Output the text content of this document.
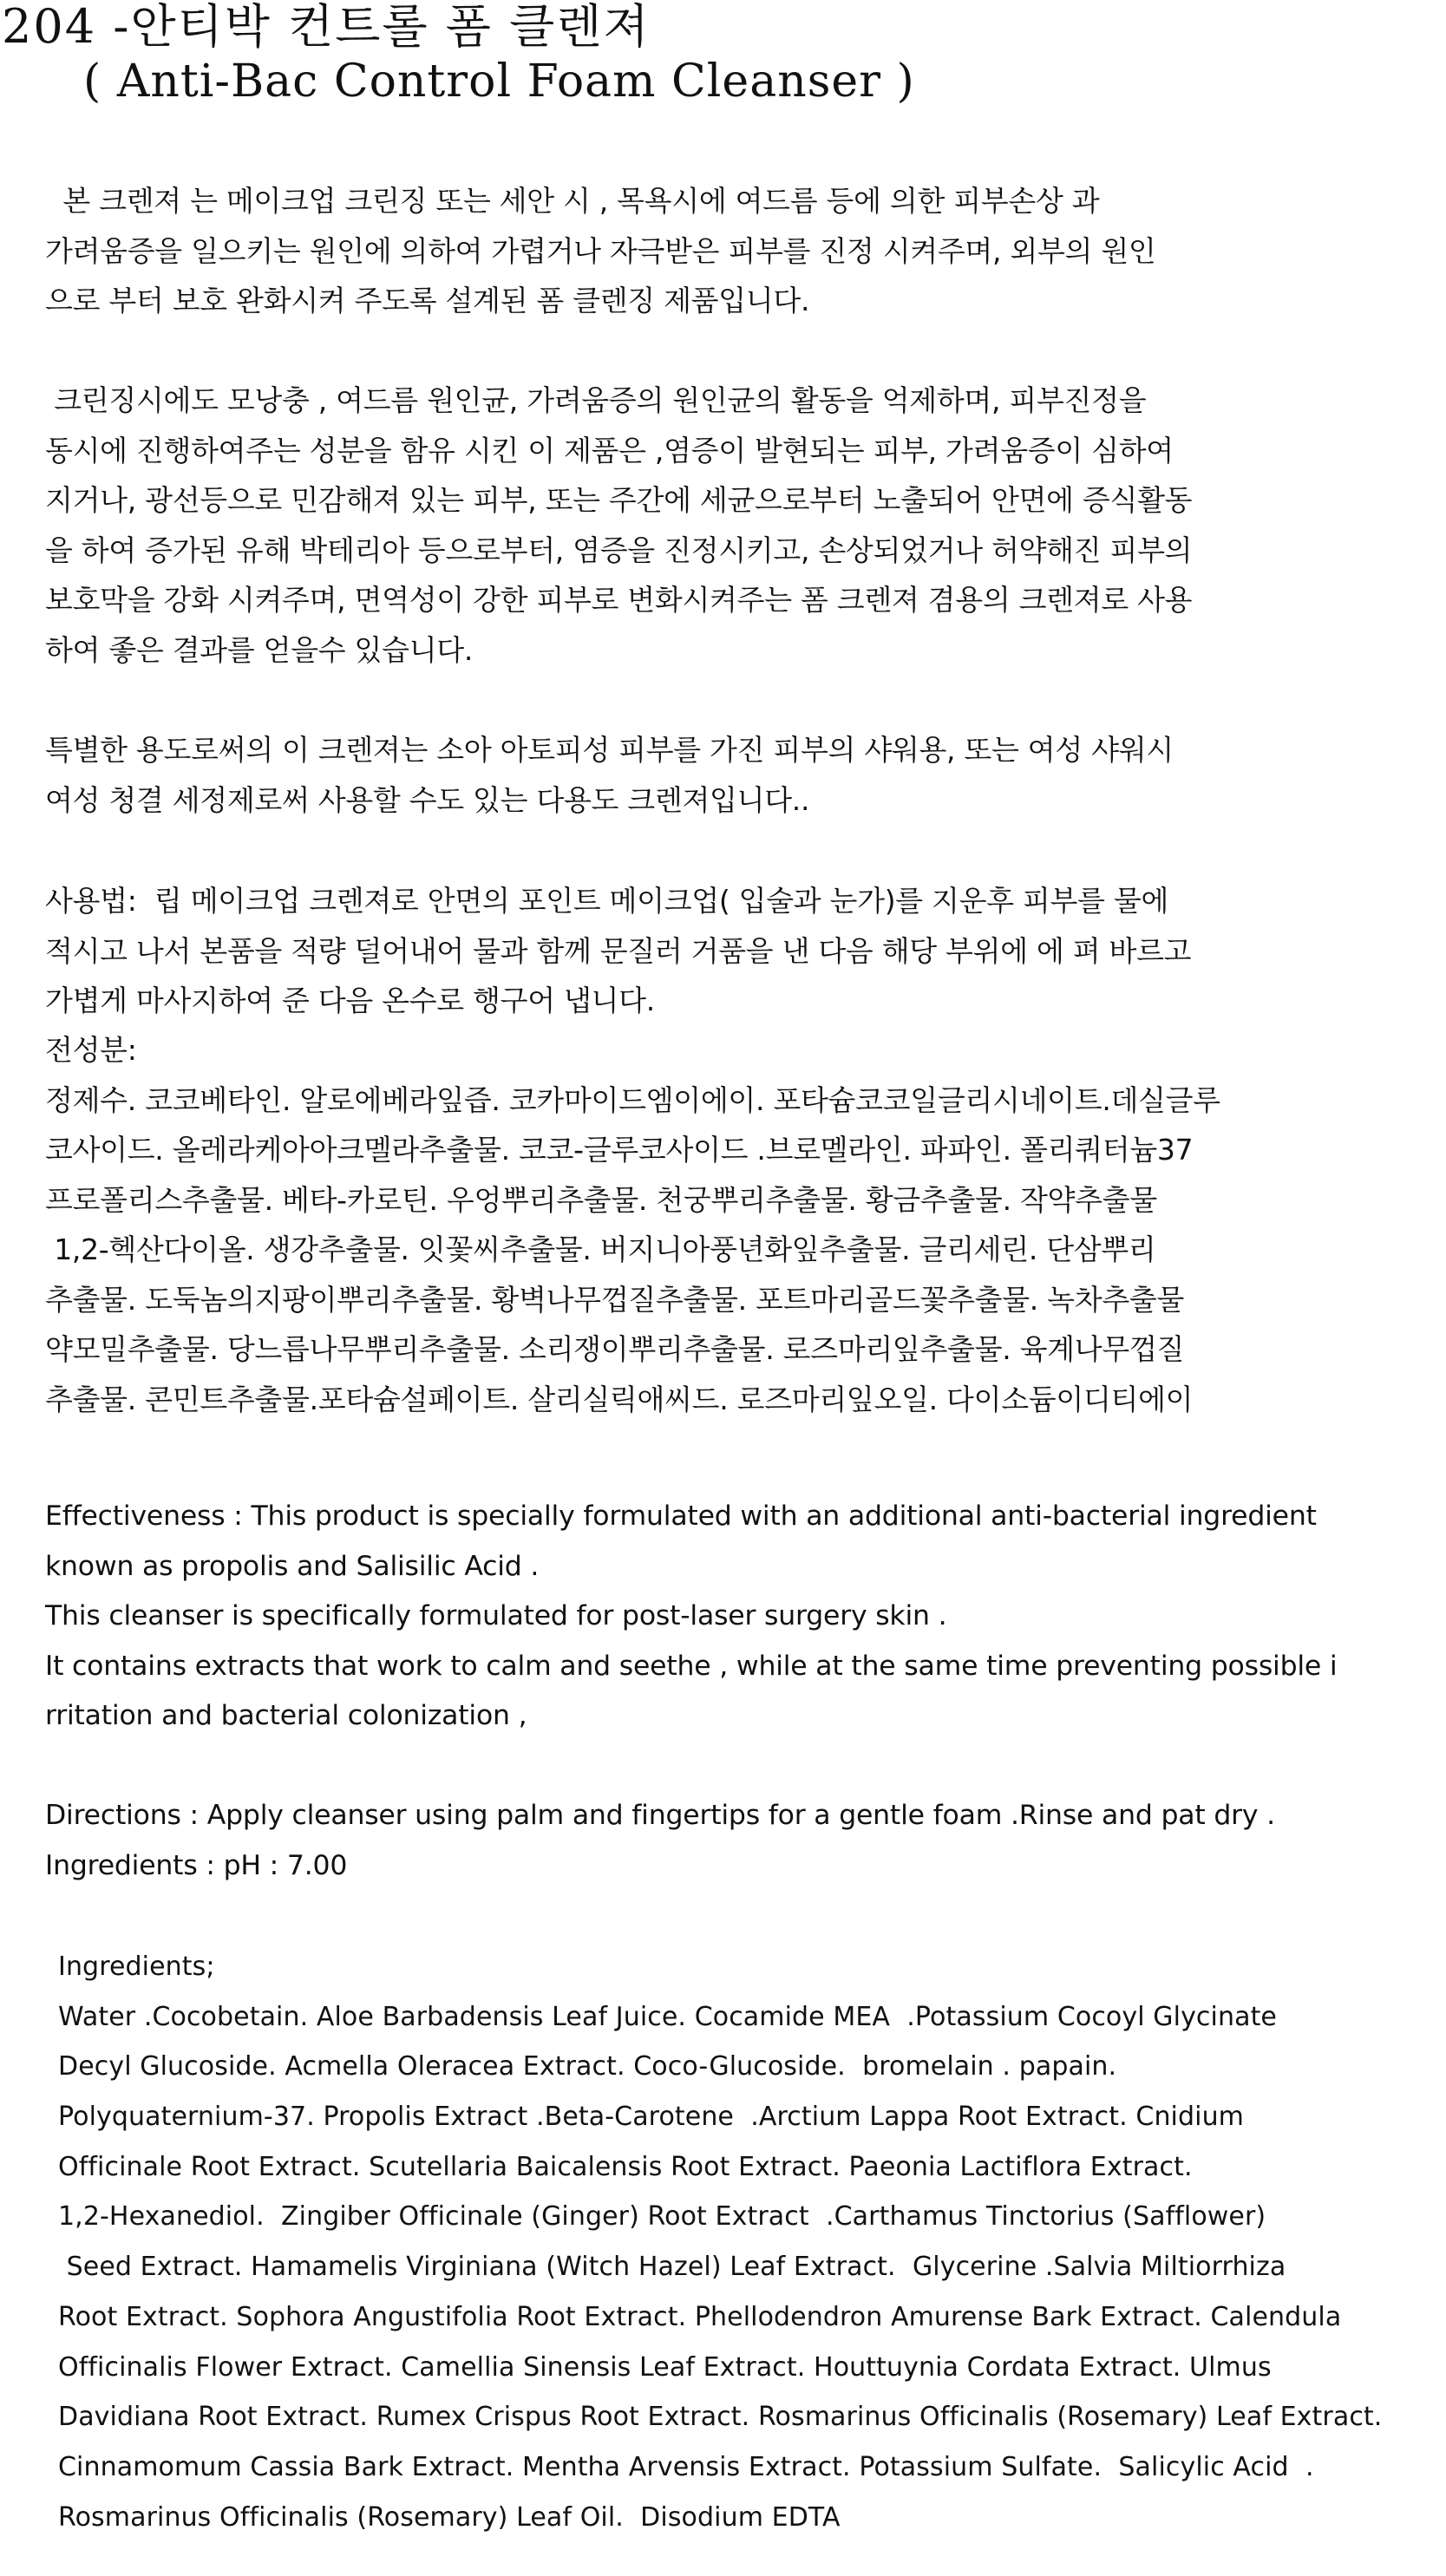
204 -안티박 컨트롤 폼 클렌져
( Anti-Bac Control Foam Cleanser )
본 크렌져 는 메이크업 크린징 또는 세안 시 , 목욕시에 여드름 등에 의한 피부손상 과
가려움증을 일으키는 원인에 의하여 가렵거나 자극받은 피부를 진정 시켜주며, 외부의 원인
으로 부터 보호 완화시켜 주도록 설계된 폼 클렌징 제품입니다.
크린징시에도 모낭충 , 여드름 원인균, 가려움증의 원인균의 활동을 억제하며, 피부진정을
동시에 진행하여주는 성분을 함유 시킨 이 제품은 ,염증이 발현되는 피부, 가려움증이 심하여
지거나, 광선등으로 민감해져 있는 피부, 또는 주간에 세균으로부터 노출되어 안면에 증식활동
을 하여 증가된 유해 박테리아 등으로부터, 염증을 진정시키고, 손상되었거나 허약해진 피부의
보호막을 강화 시켜주며, 면역성이 강한 피부로 변화시켜주는 폼 크렌져 겸용의 크렌져로 사용
하여 좋은 결과를 얻을수 있습니다.
특별한 용도로써의 이 크렌져는 소아 아토피성 피부를 가진 피부의 샤워용, 또는 여성 샤워시
여성 청결 세정제로써 사용할 수도 있는 다용도 크렌져입니다..
사용법:  립 메이크업 크렌져로 안면의 포인트 메이크업( 입술과 눈가)를 지운후 피부를 물에
적시고 나서 본품을 적량 덜어내어 물과 함께 문질러 거품을 낸 다음 해당 부위에 에 펴 바르고
가볍게 마사지하여 준 다음 온수로 행구어 냅니다.
전성분:
정제수. 코코베타인. 알로에베라잎즙. 코카마이드엠이에이. 포타슘코코일글리시네이트.데실글루
코사이드. 올레라케아아크멜라추출물. 코코-글루코사이드 .브로멜라인. 파파인. 폴리쿼터늄37
프로폴리스추출물. 베타-카로틴. 우엉뿌리추출물. 천궁뿌리추출물. 황금추출물. 작약추출물
1,2-헥산다이올. 생강추출물. 잇꽃씨추출물. 버지니아풍년화잎추출물. 글리세린. 단삼뿌리
추출물. 도둑놈의지팡이뿌리추출물. 황벽나무껍질추출물. 포트마리골드꽃추출물. 녹차추출물
약모밀추출물. 당느릅나무뿌리추출물. 소리쟁이뿌리추출물. 로즈마리잎추출물. 육계나무껍질
추출물. 콘민트추출물.포타슘설페이트. 살리실릭애씨드. 로즈마리잎오일. 다이소듐이디티에이
Effectiveness : This product is specially formulated with an additional anti-bacterial ingredient
known as propolis and Salisilic Acid .
This cleanser is specifically formulated for post-laser surgery skin .
It contains extracts that work to calm and seethe , while at the same time preventing possible i
rritation and bacterial colonization ,
Directions : Apply cleanser using palm and fingertips for a gentle foam .Rinse and pat dry .
Ingredients : pH : 7.00
Ingredients;
Water .Cocobetain. Aloe Barbadensis Leaf Juice. Cocamide MEA  .Potassium Cocoyl Glycinate
Decyl Glucoside. Acmella Oleracea Extract. Coco-Glucoside.  bromelain . papain.
Polyquaternium-37. Propolis Extract .Beta-Carotene  .Arctium Lappa Root Extract. Cnidium
Officinale Root Extract. Scutellaria Baicalensis Root Extract. Paeonia Lactiflora Extract.
1,2-Hexanediol.  Zingiber Officinale (Ginger) Root Extract  .Carthamus Tinctorius (Safflower)
Seed Extract. Hamamelis Virginiana (Witch Hazel) Leaf Extract.  Glycerine .Salvia Miltiorrhiza
Root Extract. Sophora Angustifolia Root Extract. Phellodendron Amurense Bark Extract. Calendula
Officinalis Flower Extract. Camellia Sinensis Leaf Extract. Houttuynia Cordata Extract. Ulmus
Davidiana Root Extract. Rumex Crispus Root Extract. Rosmarinus Officinalis (Rosemary) Leaf Extract.
Cinnamomum Cassia Bark Extract. Mentha Arvensis Extract. Potassium Sulfate.  Salicylic Acid  .
Rosmarinus Officinalis (Rosemary) Leaf Oil.  Disodium EDTA
